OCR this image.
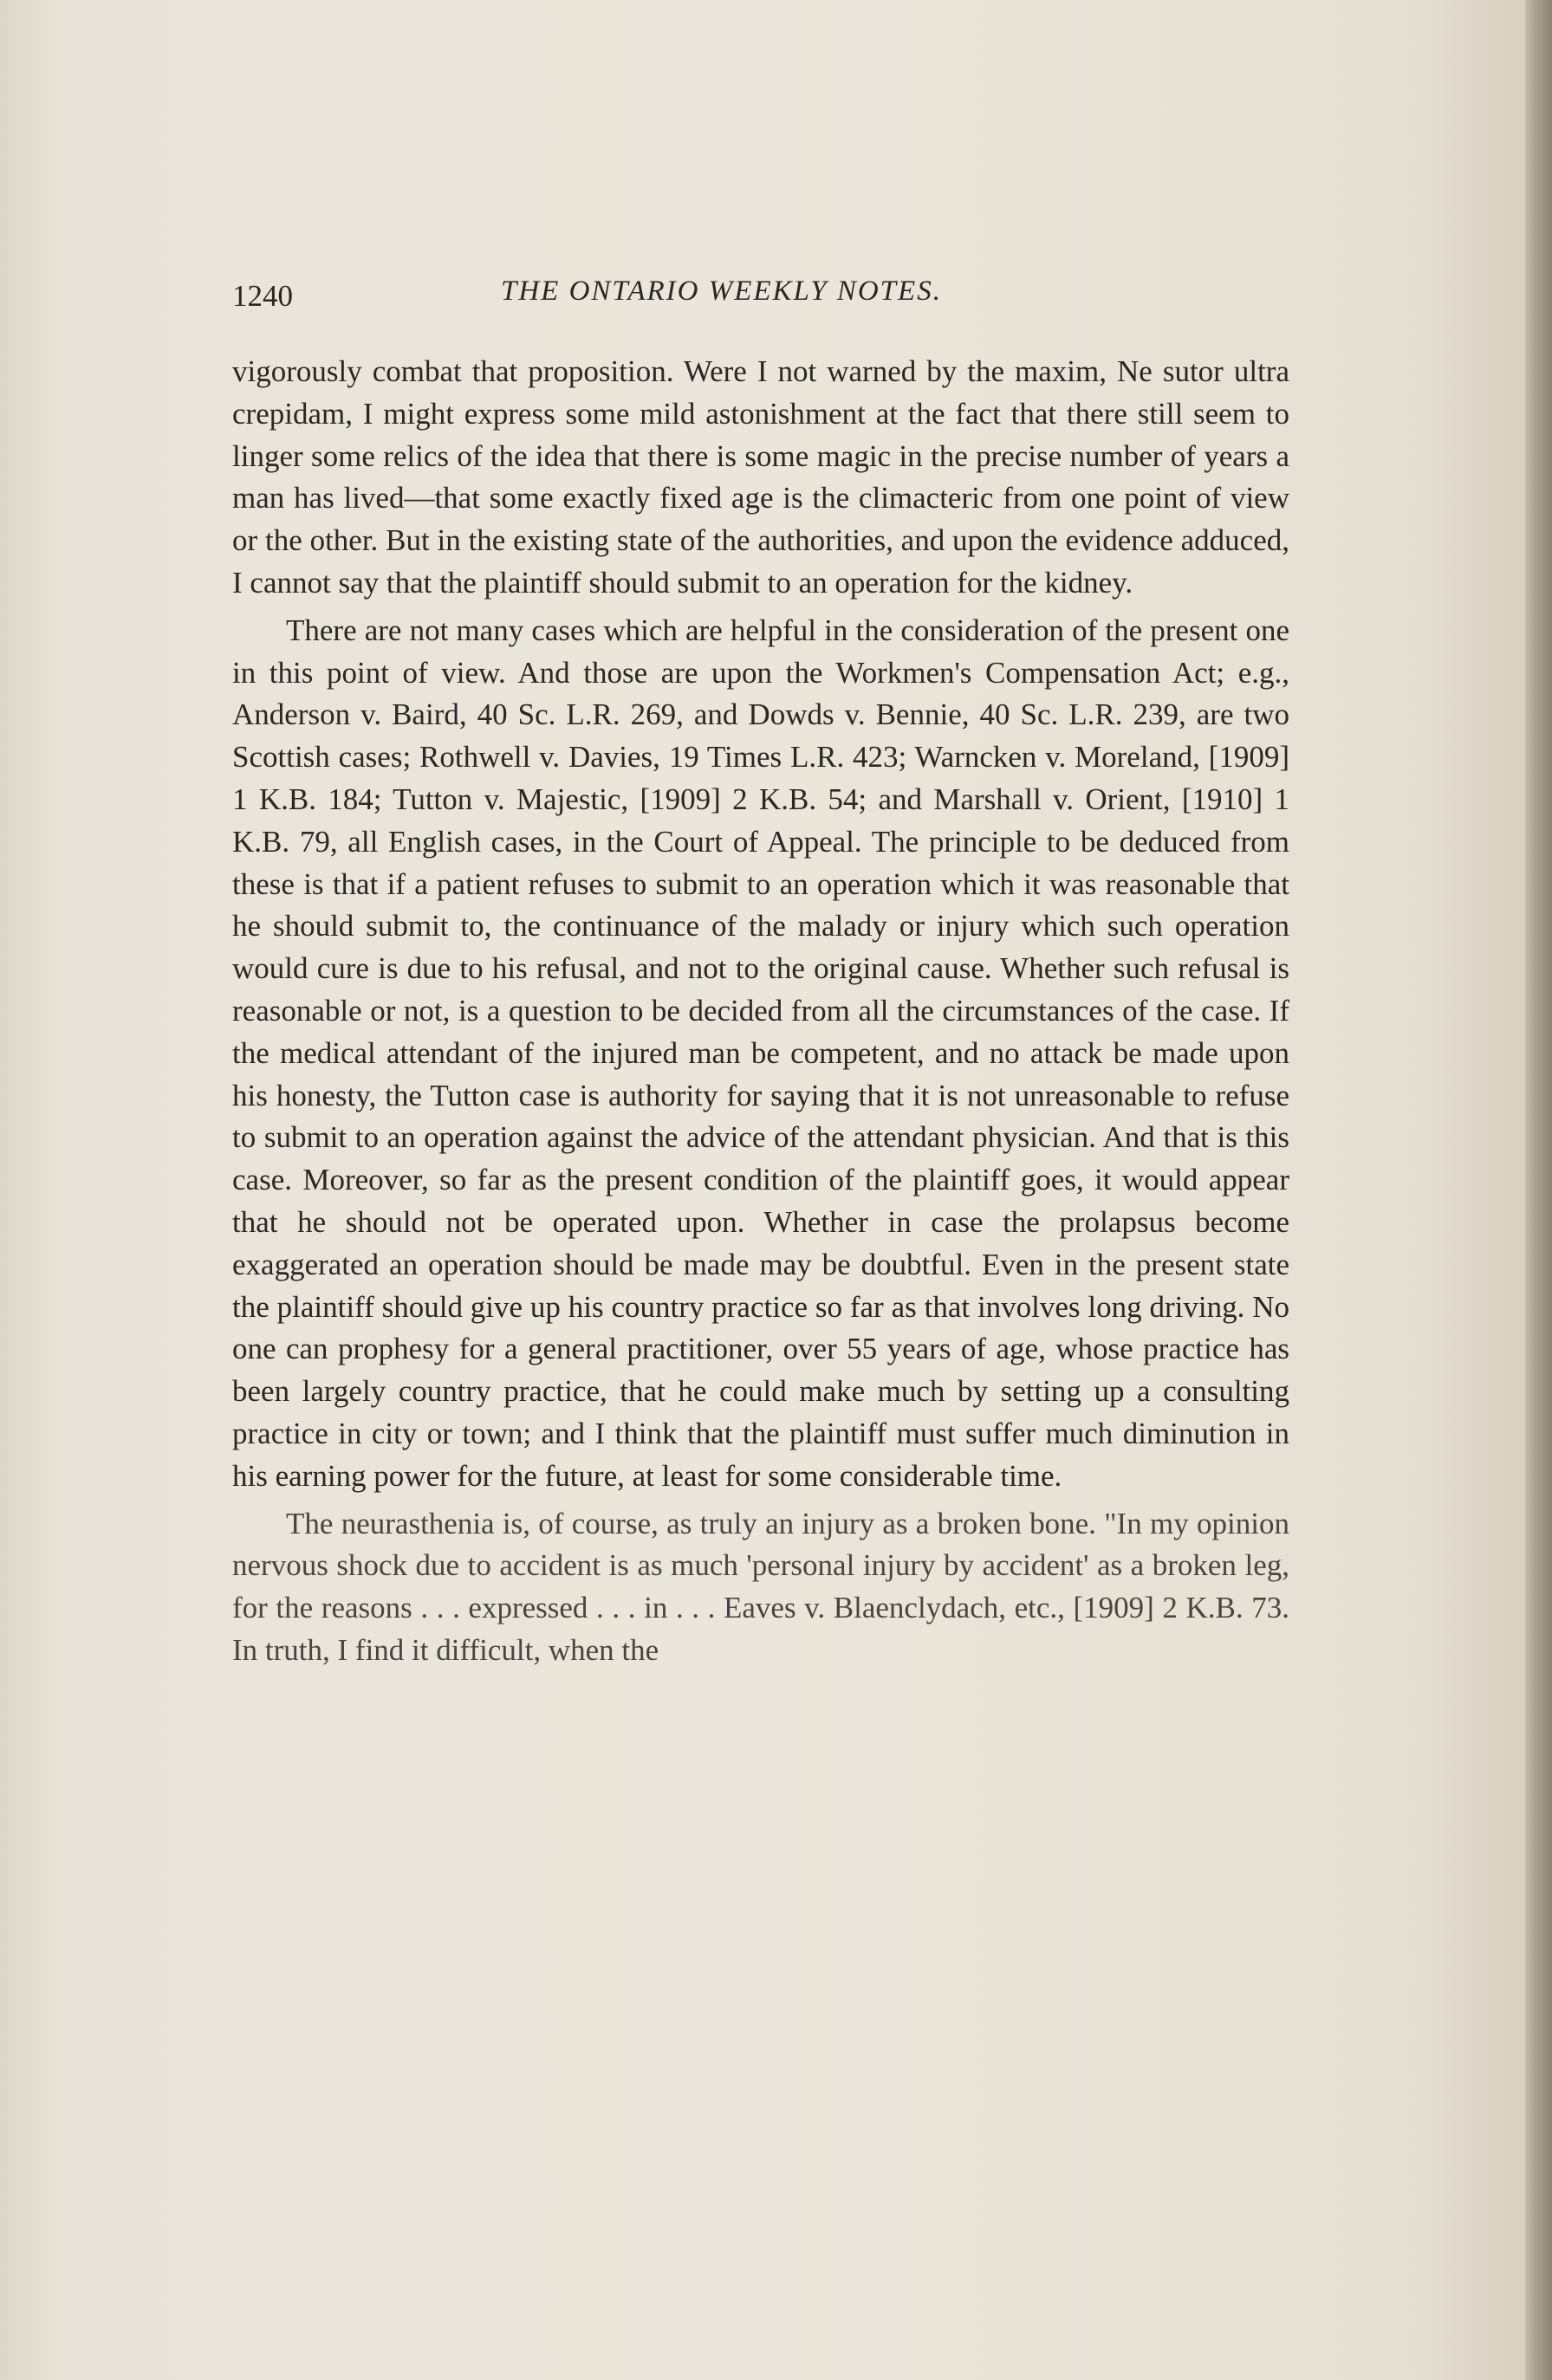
1240	THE ONTARIO WEEKLY NOTES.

vigorously combat that proposition. Were I not warned by the maxim, Ne sutor ultra crepidam, I might express some mild astonishment at the fact that there still seem to linger some relics of the idea that there is some magic in the precise number of years a man has lived—that some exactly fixed age is the climacteric from one point of view or the other. But in the existing state of the authorities, and upon the evidence adduced, I cannot say that the plaintiff should submit to an operation for the kidney.

There are not many cases which are helpful in the consideration of the present one in this point of view. And those are upon the Workmen's Compensation Act; e.g., Anderson v. Baird, 40 Sc. L.R. 269, and Dowds v. Bennie, 40 Sc. L.R. 239, are two Scottish cases; Rothwell v. Davies, 19 Times L.R. 423; Warncken v. Moreland, [1909] 1 K.B. 184; Tutton v. Majestic, [1909] 2 K.B. 54; and Marshall v. Orient, [1910] 1 K.B. 79, all English cases, in the Court of Appeal. The principle to be deduced from these is that if a patient refuses to submit to an operation which it was reasonable that he should submit to, the continuance of the malady or injury which such operation would cure is due to his refusal, and not to the original cause. Whether such refusal is reasonable or not, is a question to be decided from all the circumstances of the case. If the medical attendant of the injured man be competent, and no attack be made upon his honesty, the Tutton case is authority for saying that it is not unreasonable to refuse to submit to an operation against the advice of the attendant physician. And that is this case. Moreover, so far as the present condition of the plaintiff goes, it would appear that he should not be operated upon. Whether in case the prolapsus become exaggerated an operation should be made may be doubtful. Even in the present state the plaintiff should give up his country practice so far as that involves long driving. No one can prophesy for a general practitioner, over 55 years of age, whose practice has been largely country practice, that he could make much by setting up a consulting practice in city or town; and I think that the plaintiff must suffer much diminution in his earning power for the future, at least for some considerable time.

The neurasthenia is, of course, as truly an injury as a broken bone. "In my opinion nervous shock due to accident is as much 'personal injury by accident' as a broken leg, for the reasons . . . expressed . . . in . . . Eaves v. Blaenclydach, etc., [1909] 2 K.B. 73. In truth, I find it difficult, when the
